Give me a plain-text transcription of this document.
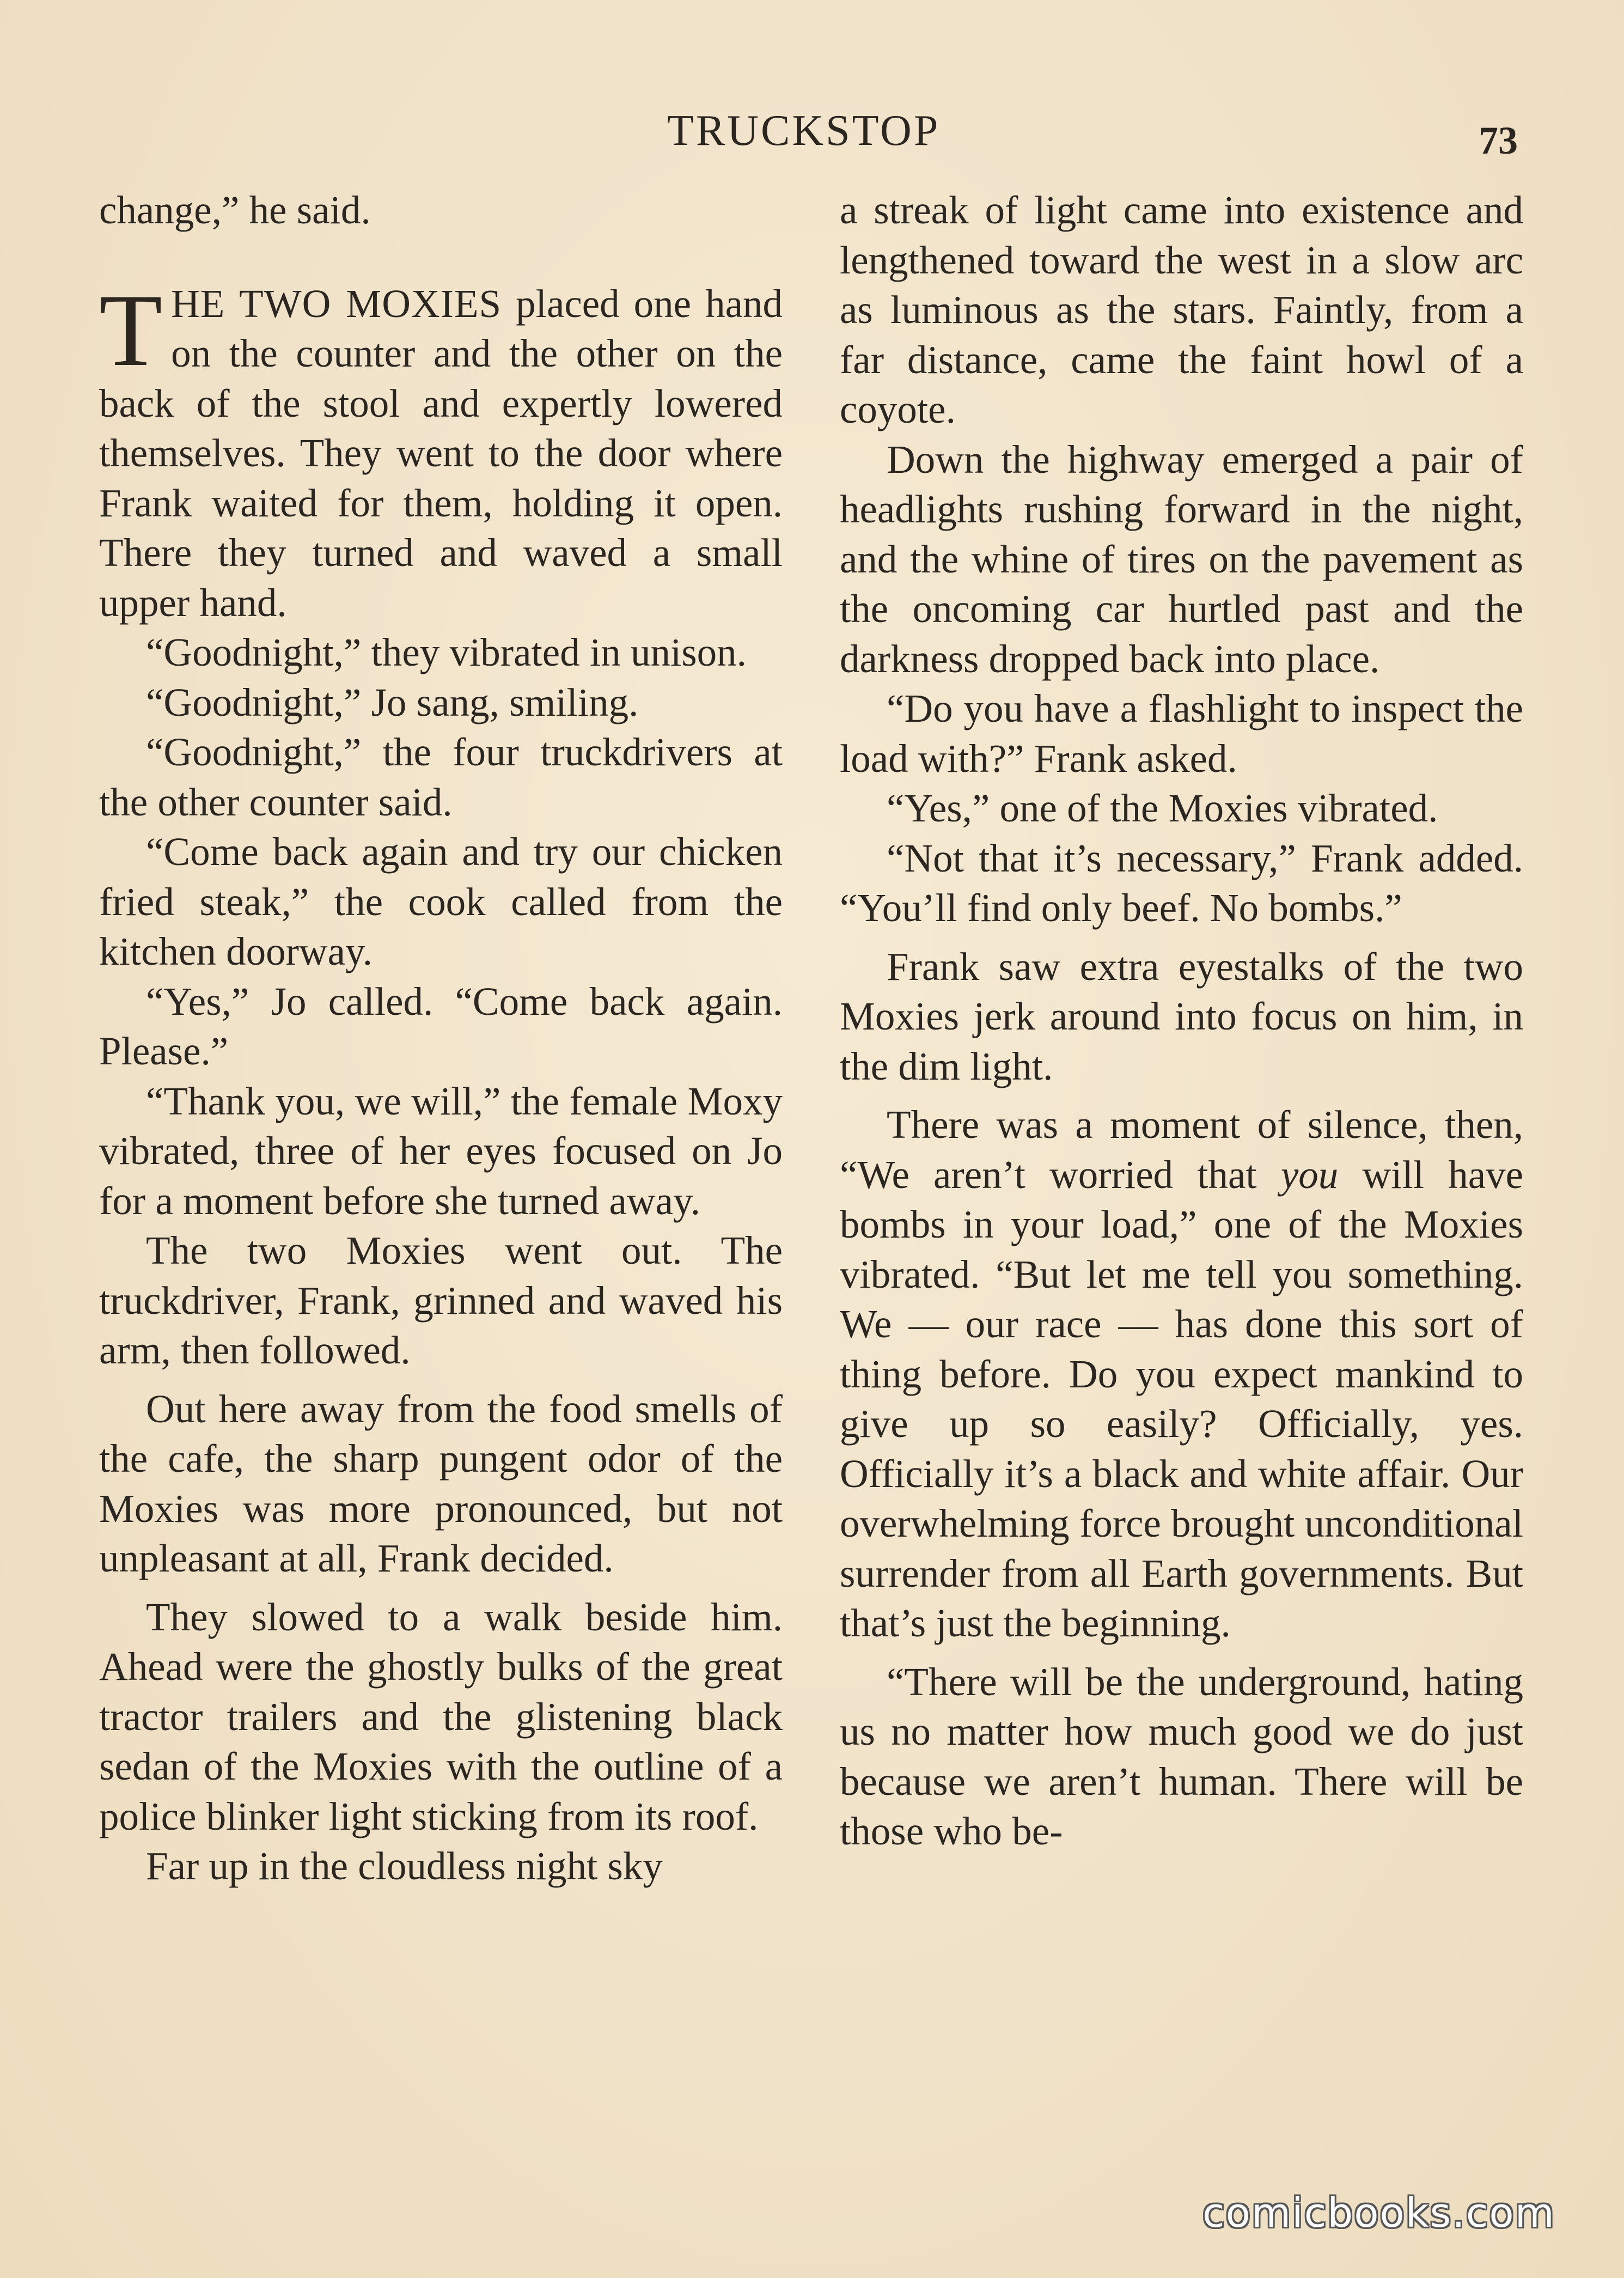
TRUCKSTOP	73

change,” he said.

THE TWO MOXIES placed one hand on the counter and the other on the back of the stool and expertly lowered themselves. They went to the door where Frank waited for them, holding it open. There they turned and waved a small upper hand.

“Goodnight,” they vibrated in unison.

“Goodnight,” Jo sang, smiling.

“Goodnight,” the four truckdrivers at the other counter said.

“Come back again and try our chicken fried steak,” the cook called from the kitchen doorway.

“Yes,” Jo called. “Come back again. Please.”

“Thank you, we will,” the female Moxy vibrated, three of her eyes focused on Jo for a moment before she turned away.

The two Moxies went out. The truckdriver, Frank, grinned and waved his arm, then followed.

Out here away from the food smells of the cafe, the sharp pungent odor of the Moxies was more pronounced, but not unpleasant at all, Frank decided.

They slowed to a walk beside him. Ahead were the ghostly bulks of the great tractor trailers and the glistening black sedan of the Moxies with the outline of a police blinker light sticking from its roof.

Far up in the cloudless night sky

a streak of light came into existence and lengthened toward the west in a slow arc as luminous as the stars. Faintly, from a far distance, came the faint howl of a coyote.

Down the highway emerged a pair of headlights rushing forward in the night, and the whine of tires on the pavement as the oncoming car hurtled past and the darkness dropped back into place.

“Do you have a flashlight to inspect the load with?” Frank asked.

“Yes,” one of the Moxies vibrated.

“Not that it’s necessary,” Frank added. “You’ll find only beef. No bombs.”

Frank saw extra eyestalks of the two Moxies jerk around into focus on him, in the dim light.

There was a moment of silence, then, “We aren’t worried that you will have bombs in your load,” one of the Moxies vibrated. “But let me tell you something. We — our race — has done this sort of thing before. Do you expect mankind to give up so easily? Officially, yes. Officially it’s a black and white affair. Our overwhelming force brought unconditional surrender from all Earth governments. But that’s just the beginning.

“There will be the underground, hating us no matter how much good we do just because we aren’t human. There will be those who be-

comicbooks.com
